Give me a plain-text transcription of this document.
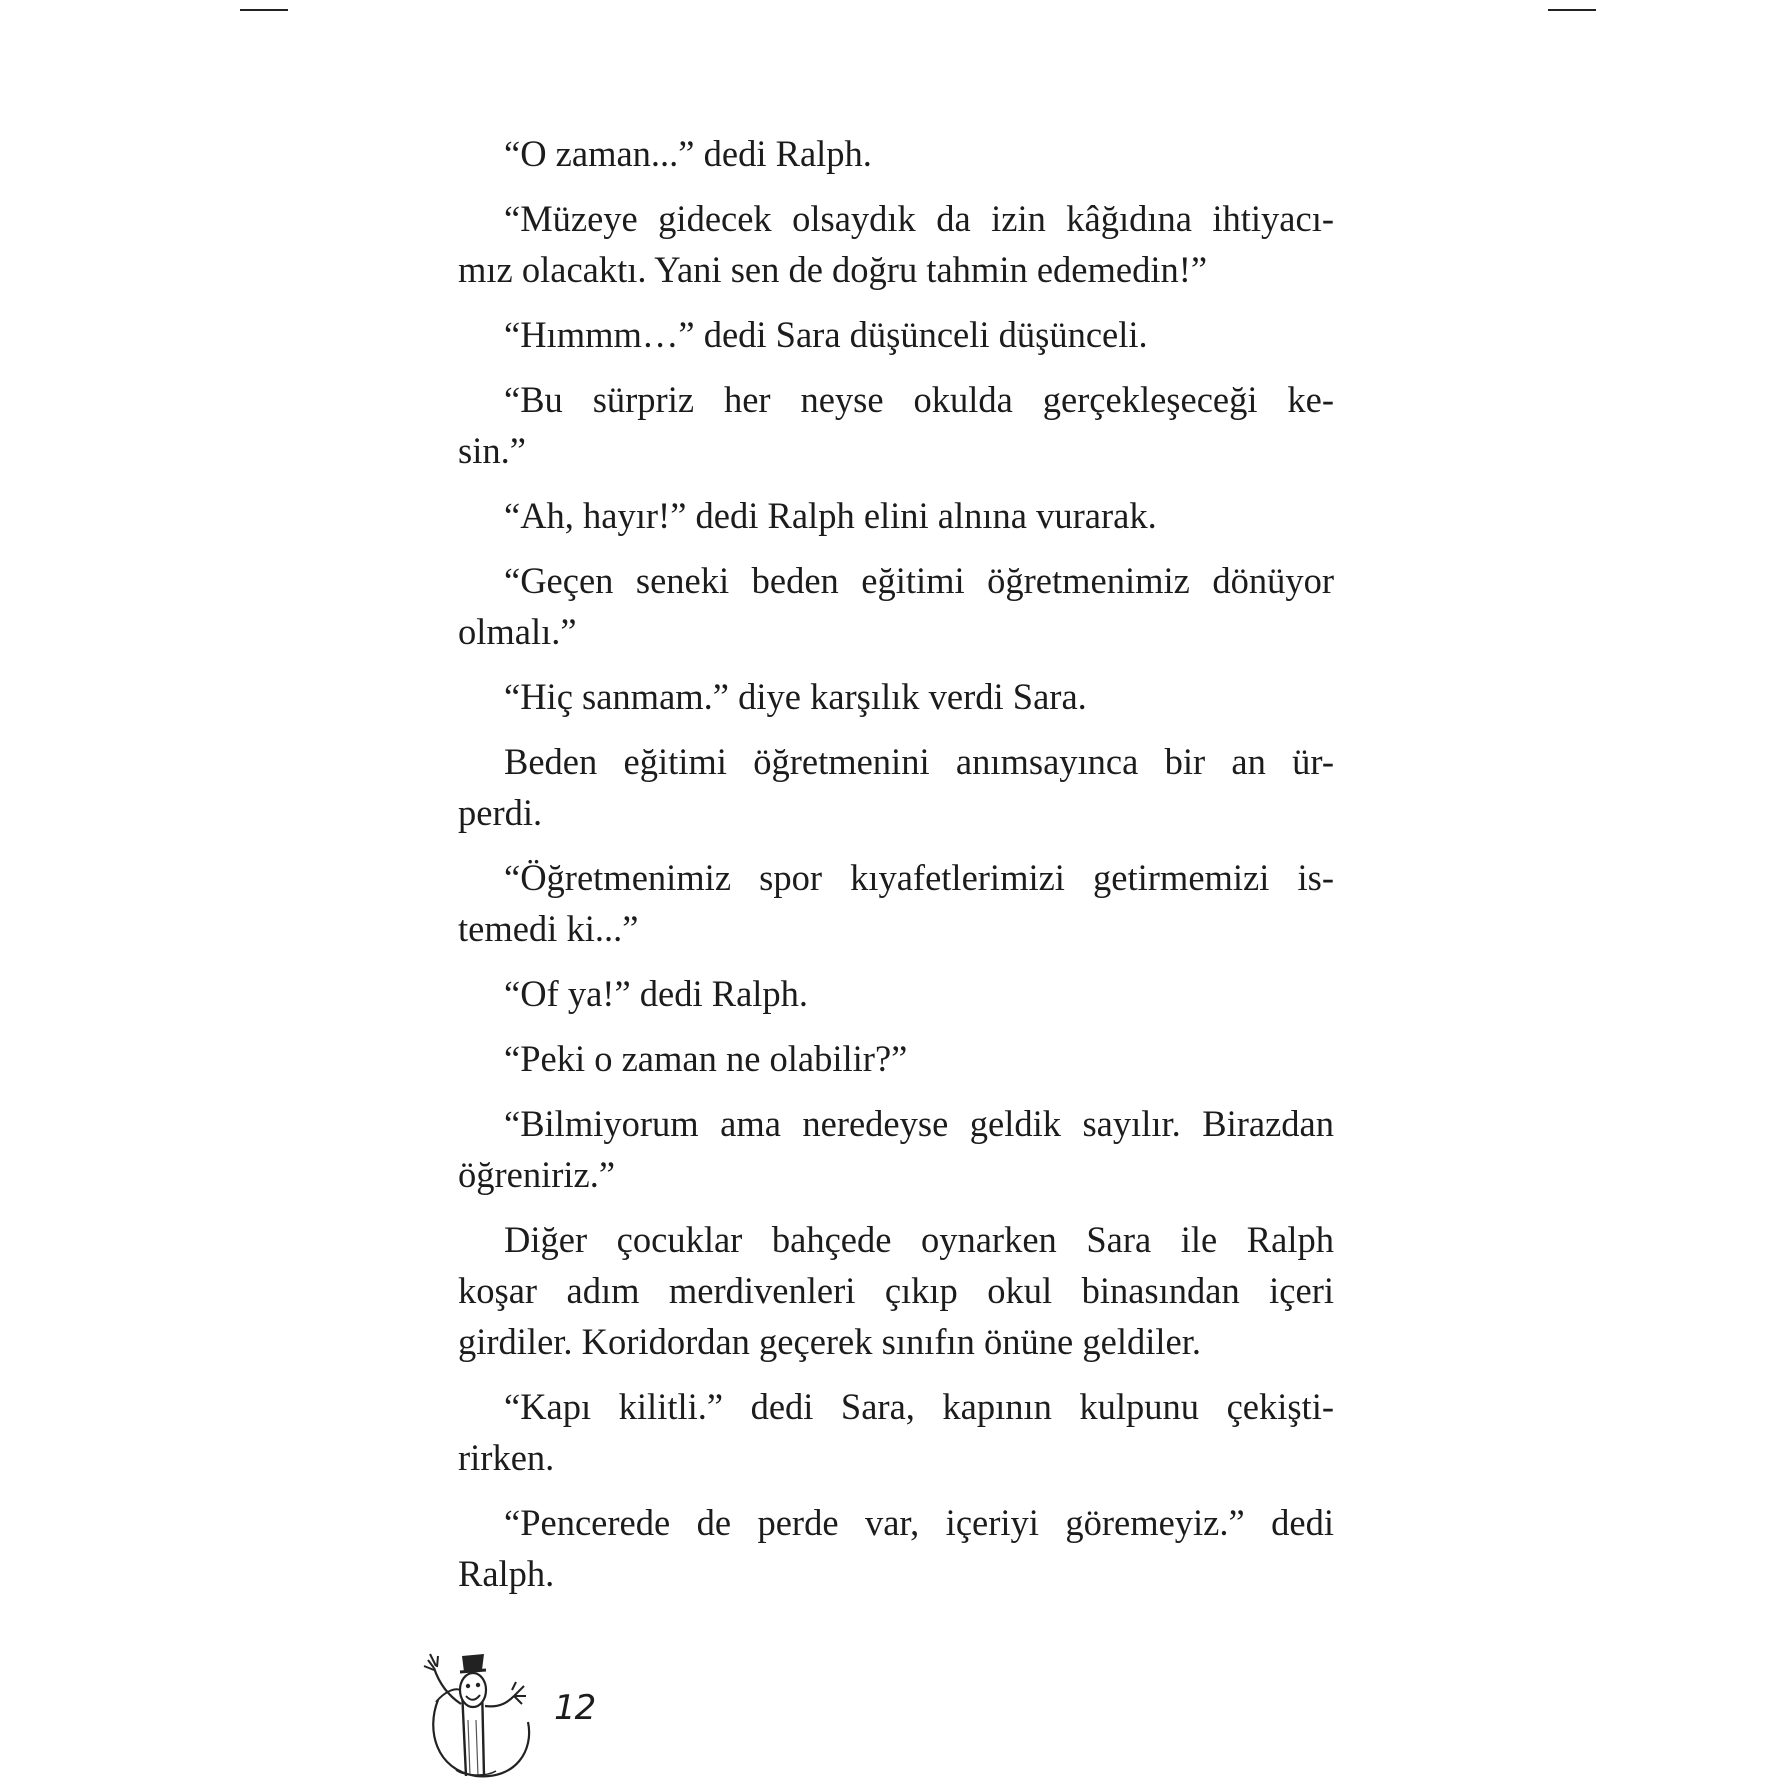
“O zaman...” dedi Ralph.

“Müzeye gidecek olsaydık da izin kâğıdına ihtiyacı-
mız olacaktı. Yani sen de doğru tahmin edemedin!”

“Hımmm…” dedi Sara düşünceli düşünceli.

“Bu sürpriz her neyse okulda gerçekleşeceği ke-
sin.”

“Ah, hayır!” dedi Ralph elini alnına vurarak.

“Geçen seneki beden eğitimi öğretmenimiz dönüyor
olmalı.”

“Hiç sanmam.” diye karşılık verdi Sara.

Beden eğitimi öğretmenini anımsayınca bir an ür-
perdi.

“Öğretmenimiz spor kıyafetlerimizi getirmemizi is-
temedi ki...”

“Of ya!” dedi Ralph.

“Peki o zaman ne olabilir?”

“Bilmiyorum ama neredeyse geldik sayılır. Birazdan
öğreniriz.”

Diğer çocuklar bahçede oynarken Sara ile Ralph
koşar adım merdivenleri çıkıp okul binasından içeri
girdiler. Koridordan geçerek sınıfın önüne geldiler.

“Kapı kilitli.” dedi Sara, kapının kulpunu çekişti-
rirken.

“Pencerede de perde var, içeriyi göremeyiz.” dedi
Ralph.

12
